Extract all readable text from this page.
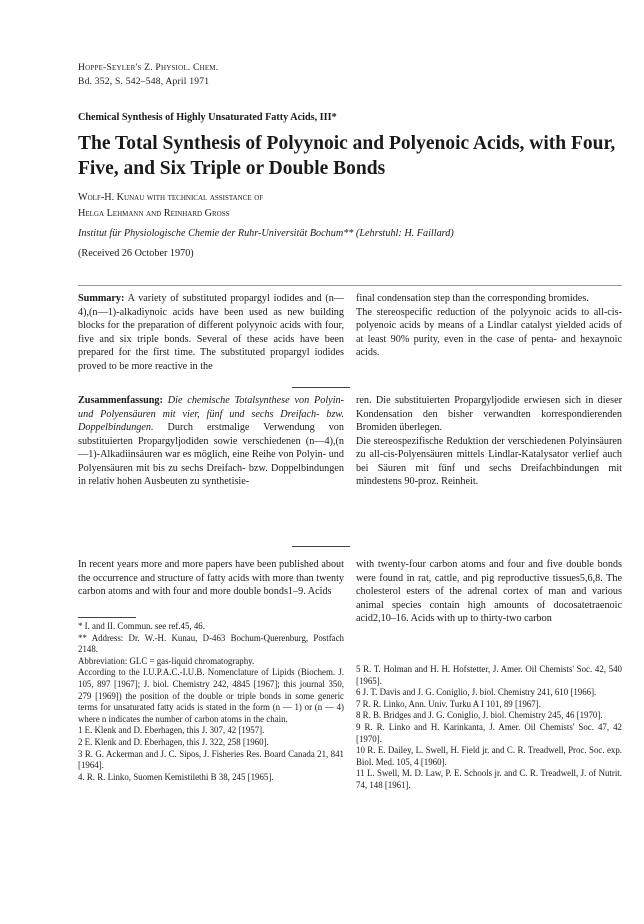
Hoppe-Seyler's Z. Physiol. Chem.
Bd. 352, S. 542–548, April 1971
Chemical Synthesis of Highly Unsaturated Fatty Acids, III*
The Total Synthesis of Polyynoic and Polyenoic Acids, with Four, Five, and Six Triple or Double Bonds
Wolf-H. Kunau with technical assistance of
Helga Lehmann and Reinhard Gross
Institut für Physiologische Chemie der Ruhr-Universität Bochum** (Lehrstuhl: H. Faillard)
(Received 26 October 1970)

Summary: A variety of substituted propargyl iodides and (n—4),(n—1)-alkadiynoic acids have been used as new building blocks for the preparation of different polyynoic acids with four, five and six triple bonds. Several of these acids have been prepared for the first time. The substituted propargyl iodides proved to be more reactive in the

final condensation step than the corresponding bromides.

The stereospecific reduction of the polyynoic acids to all-cis-polyenoic acids by means of a Lindlar catalyst yielded acids of at least 90% purity, even in the case of penta- and hexaynoic acids.

Zusammenfassung: Die chemische Totalsynthese von Polyin- und Polyensäuren mit vier, fünf und sechs Dreifach- bzw. Doppelbindungen. Durch erstmalige Verwendung von substituierten Propargyljodiden sowie verschiedenen (n—4),(n—1)-Alkadiinsäuren war es möglich, eine Reihe von Polyin- und Polyensäuren mit bis zu sechs Dreifach- bzw. Doppelbindungen in relativ hohen Ausbeuten zu synthetisie-

ren. Die substituierten Propargyljodide erwiesen sich in dieser Kondensation den bisher verwandten korrespondierenden Bromiden überlegen.

Die stereospezifische Reduktion der verschiedenen Polyinsäuren zu all-cis-Polyensäuren mittels Lindlar-Katalysator verlief auch bei Säuren mit fünf und sechs Dreifachbindungen mit mindestens 90-proz. Reinheit.

In recent years more and more papers have been published about the occurrence and structure of fatty acids with more than twenty carbon atoms and with four and more double bonds1–9. Acids
with twenty-four carbon atoms and four and five double bonds were found in rat, cattle, and pig reproductive tissues5,6,8. The cholesterol esters of the adrenal cortex of man and various animal species contain high amounts of docosatetraenoic acid2,10–16. Acids with up to thirty-two carbon

* I. and II. Commun. see ref.45, 46.

** Address: Dr. W.-H. Kunau, D-463 Bochum-Querenburg, Postfach 2148.

Abbreviation: GLC = gas-liquid chromatography.

According to the I.U.P.A.C.-I.U.B. Nomenclature of Lipids (Biochem. J. 105, 897 [1967]; J. biol. Chemistry 242, 4845 [1967]; this journal 350, 279 [1969]) the position of the double or triple bonds in some generic terms for unsaturated fatty acids is stated in the form (n — 1) or (n — 4) where n indicates the number of carbon atoms in the chain.

1 E. Klenk and D. Eberhagen, this J. 307, 42 [1957].

2 E. Klenk and D. Eberhagen, this J. 322, 258 [1960].

3 R. G. Ackerman and J. C. Sipos, J. Fisheries Res. Board Canada 21, 841 [1964].

4. R. R. Linko, Suomen Kemistilethi B 38, 245 [1965].

5 R. T. Holman and H. H. Hofstetter, J. Amer. Oil Chemists' Soc. 42, 540 [1965].

6 J. T. Davis and J. G. Coniglio, J. biol. Chemistry 241, 610 [1966].

7 R. R. Linko, Ann. Univ. Turku A I 101, 89 [1967].

8 R. B. Bridges and J. G. Coniglio, J. biol. Chemistry 245, 46 [1970].

9 R. R. Linko and H. Karinkanta, J. Amer. Oil Chemists' Soc. 47, 42 [1970].

10 R. E. Dailey, L. Swell, H. Field jr. and C. R. Treadwell, Proc. Soc. exp. Biol. Med. 105, 4 [1960].

11 L. Swell, M. D. Law, P. E. Schools jr. and C. R. Treadwell, J. of Nutrit. 74, 148 [1961].
